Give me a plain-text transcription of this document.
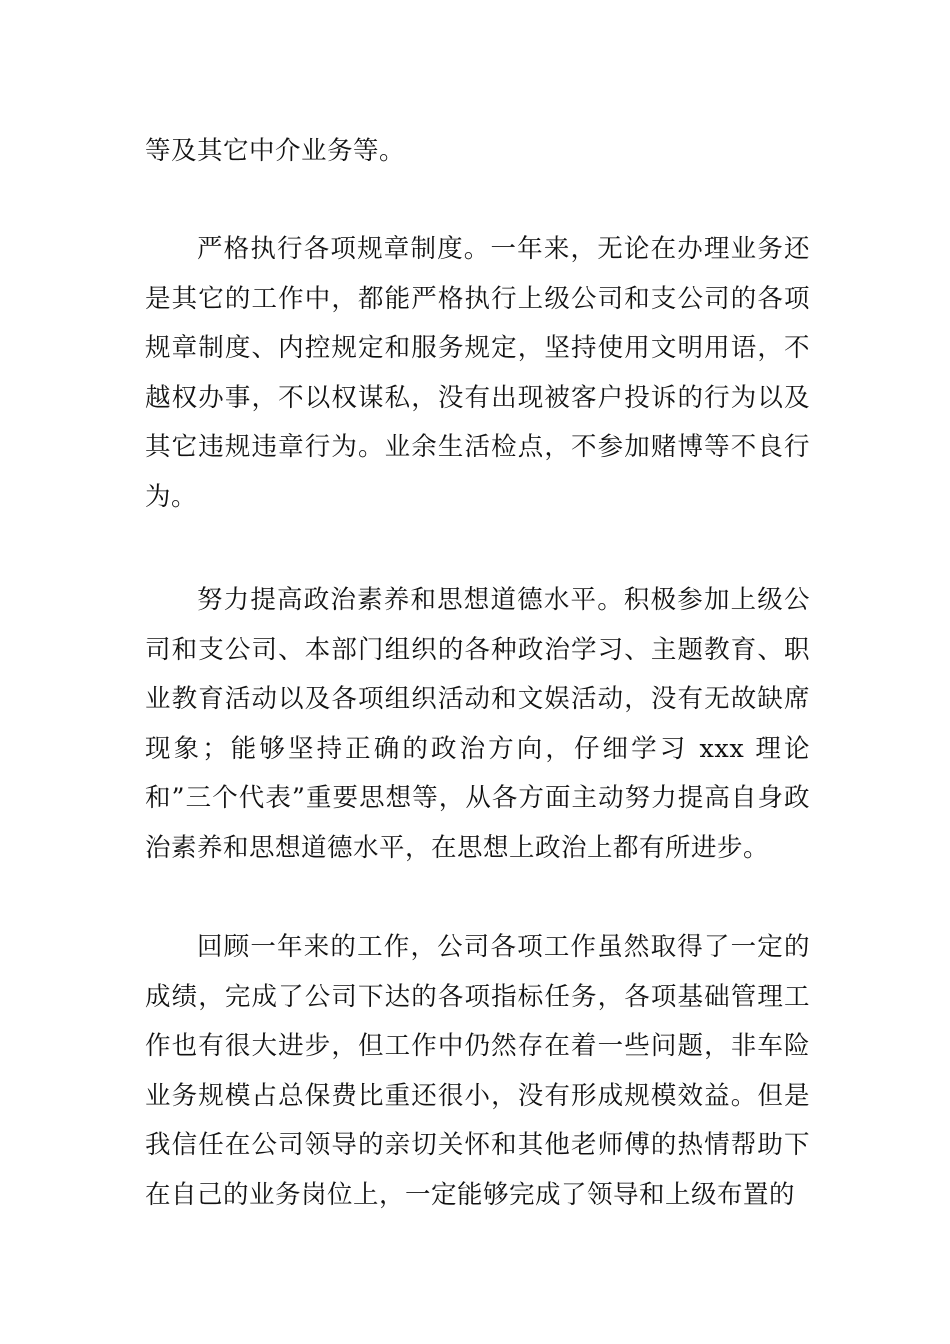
等及其它中介业务等。

严格执行各项规章制度。一年来，无论在办理业务还是其它的工作中，都能严格执行上级公司和支公司的各项规章制度、内控规定和服务规定，坚持使用文明用语，不越权办事，不以权谋私，没有出现被客户投诉的行为以及其它违规违章行为。业余生活检点，不参加赌博等不良行为。

努力提高政治素养和思想道德水平。积极参加上级公司和支公司、本部门组织的各种政治学习、主题教育、职业教育活动以及各项组织活动和文娱活动，没有无故缺席现象；能够坚持正确的政治方向，仔细学习 xxx 理论和”三个代表”重要思想等，从各方面主动努力提高自身政治素养和思想道德水平，在思想上政治上都有所进步。

回顾一年来的工作，公司各项工作虽然取得了一定的成绩，完成了公司下达的各项指标任务，各项基础管理工作也有很大进步，但工作中仍然存在着一些问题，非车险业务规模占总保费比重还很小，没有形成规模效益。但是我信任在公司领导的亲切关怀和其他老师傅的热情帮助下在自己的业务岗位上，一定能够完成了领导和上级布置的
